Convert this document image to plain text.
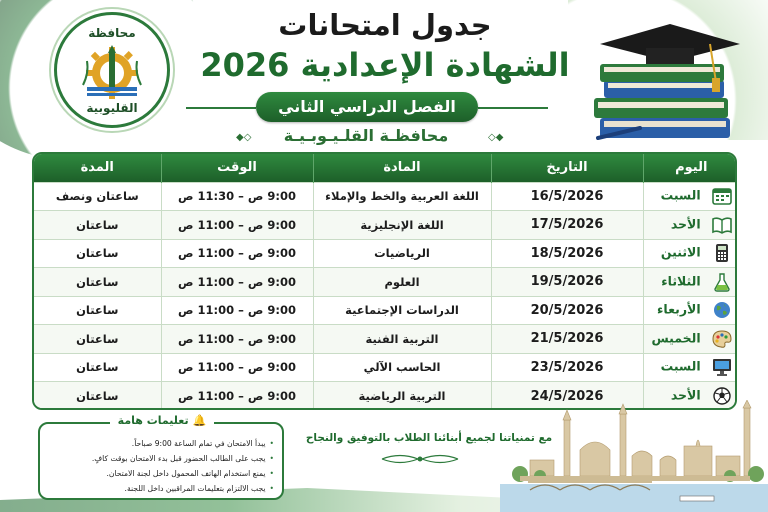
محافظة
القليوبية
جدول امتحانات
الشهادة الإعدادية 2026
الفصل الدراسي الثاني
◆◇	محافظـة القلـيـوبـيـة	◇◆
اليوم	التاريخ	المادة	الوقت	المدة
السبت	16/5/2026	اللغة العربية والخط والإملاء	9:00 ص – 11:30 ص	ساعتان ونصف
الأحد	17/5/2026	اللغة الإنجليزية	9:00 ص – 11:00 ص	ساعتان
الاثنين	18/5/2026	الرياضيات	9:00 ص – 11:00 ص	ساعتان
الثلاثاء	19/5/2026	العلوم	9:00 ص – 11:00 ص	ساعتان
الأربعاء	20/5/2026	الدراسات الإجتماعية	9:00 ص – 11:00 ص	ساعتان
الخميس	21/5/2026	التربية الفنية	9:00 ص – 11:00 ص	ساعتان
السبت	23/5/2026	الحاسب الآلي	9:00 ص – 11:00 ص	ساعتان
الأحد	24/5/2026	التربية الرياضية	9:00 ص – 11:00 ص	ساعتان
🔔تعليمات هامة
• يبدأ الامتحان في تمام الساعة 9:00 صباحاً.
• يجب على الطالب الحضور قبل بدء الامتحان بوقت كافٍ.
• يمنع استخدام الهاتف المحمول داخل لجنة الامتحان.
• يجب الالتزام بتعليمات المراقبين داخل اللجنة.
مع تمنياتنا لجميع أبنائنا الطلاب بالتوفيق والنجاح
